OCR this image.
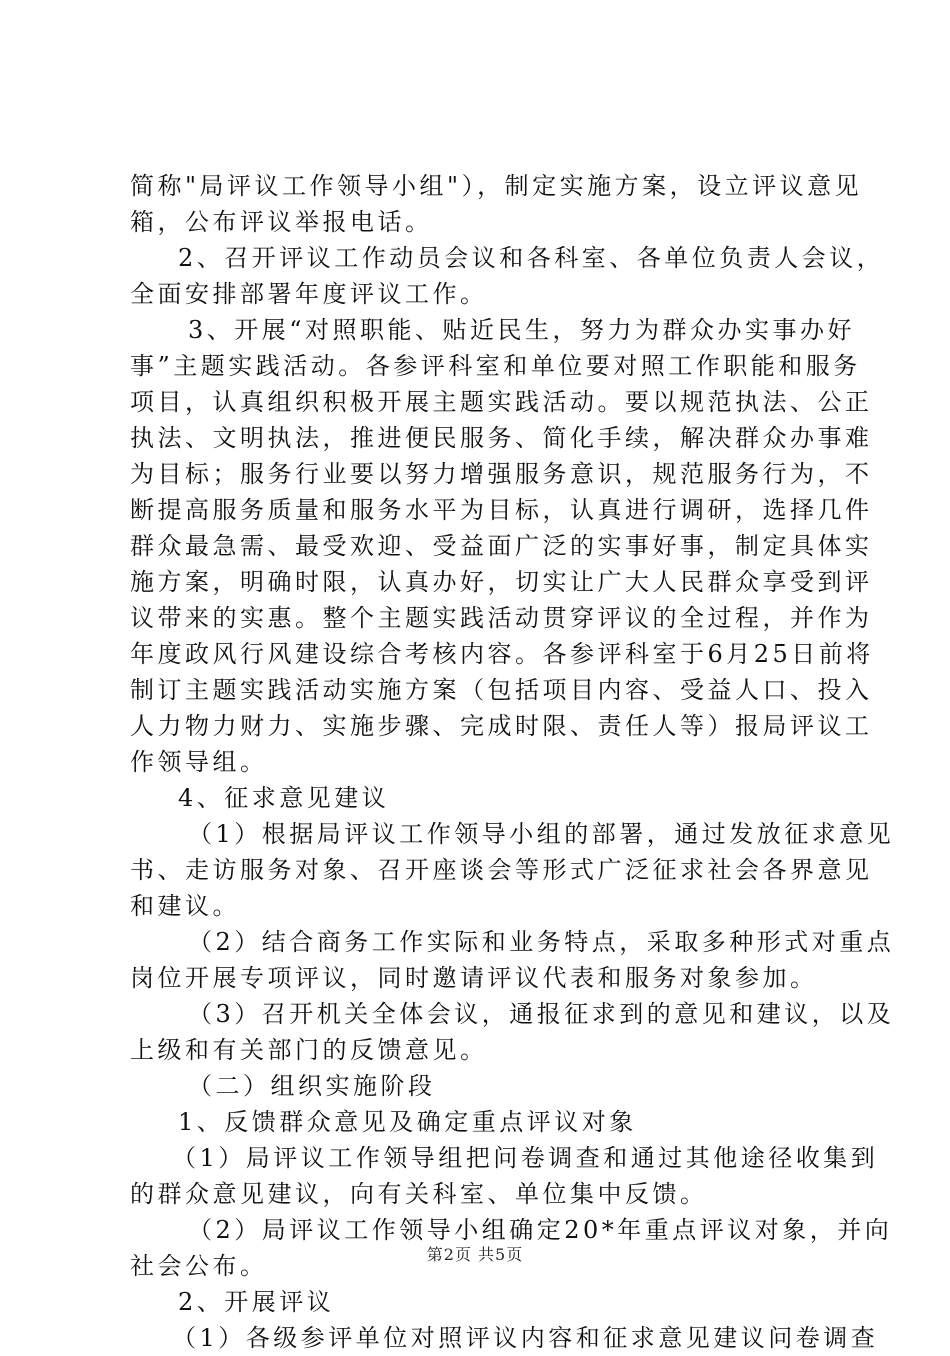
简称"局评议工作领导小组"），制定实施方案，设立评议意见
箱，公布评议举报电话。
2、召开评议工作动员会议和各科室、各单位负责人会议，
全面安排部署年度评议工作。
3、开展“对照职能、贴近民生，努力为群众办实事办好
事”主题实践活动。各参评科室和单位要对照工作职能和服务
项目，认真组织积极开展主题实践活动。要以规范执法、公正
执法、文明执法，推进便民服务、简化手续，解决群众办事难
为目标；服务行业要以努力增强服务意识，规范服务行为，不
断提高服务质量和服务水平为目标，认真进行调研，选择几件
群众最急需、最受欢迎、受益面广泛的实事好事，制定具体实
施方案，明确时限，认真办好，切实让广大人民群众享受到评
议带来的实惠。整个主题实践活动贯穿评议的全过程，并作为
年度政风行风建设综合考核内容。各参评科室于6月25日前将
制订主题实践活动实施方案（包括项目内容、受益人口、投入
人力物力财力、实施步骤、完成时限、责任人等）报局评议工
作领导组。
4、征求意见建议
（1）根据局评议工作领导小组的部署，通过发放征求意见
书、走访服务对象、召开座谈会等形式广泛征求社会各界意见
和建议。
（2）结合商务工作实际和业务特点，采取多种形式对重点
岗位开展专项评议，同时邀请评议代表和服务对象参加。
（3）召开机关全体会议，通报征求到的意见和建议，以及
上级和有关部门的反馈意见。
（二）组织实施阶段
1、反馈群众意见及确定重点评议对象
（1）局评议工作领导组把问卷调查和通过其他途径收集到
的群众意见建议，向有关科室、单位集中反馈。
（2）局评议工作领导小组确定20*年重点评议对象，并向
社会公布。
2、开展评议
（1）各级参评单位对照评议内容和征求意见建议问卷调查
第2页 共5页
